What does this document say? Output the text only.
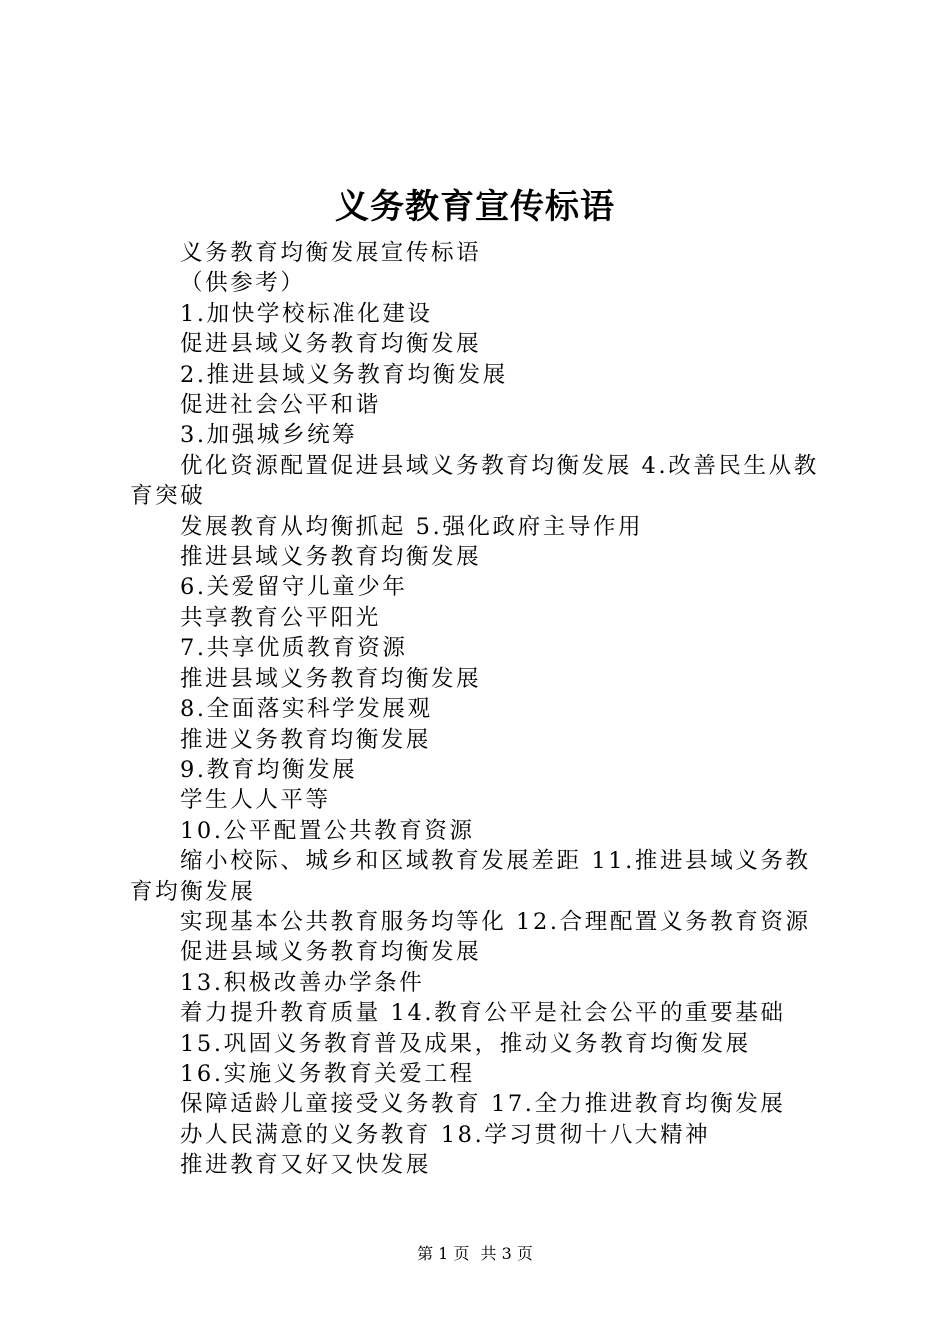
义务教育宣传标语
义务教育均衡发展宣传标语
（供参考）
1.加快学校标准化建设
促进县域义务教育均衡发展
2.推进县域义务教育均衡发展
促进社会公平和谐
3.加强城乡统筹
优化资源配置促进县域义务教育均衡发展 4.改善民生从教育突破
发展教育从均衡抓起 5.强化政府主导作用
推进县域义务教育均衡发展
6.关爱留守儿童少年
共享教育公平阳光
7.共享优质教育资源
推进县域义务教育均衡发展
8.全面落实科学发展观
推进义务教育均衡发展
9.教育均衡发展
学生人人平等
10.公平配置公共教育资源
缩小校际、城乡和区域教育发展差距 11.推进县域义务教育均衡发展
实现基本公共教育服务均等化 12.合理配置义务教育资源
促进县域义务教育均衡发展
13.积极改善办学条件
着力提升教育质量 14.教育公平是社会公平的重要基础
15.巩固义务教育普及成果，推动义务教育均衡发展
16.实施义务教育关爱工程
保障适龄儿童接受义务教育 17.全力推进教育均衡发展
办人民满意的义务教育 18.学习贯彻十八大精神
推进教育又好又快发展
第 1 页 共 3 页
